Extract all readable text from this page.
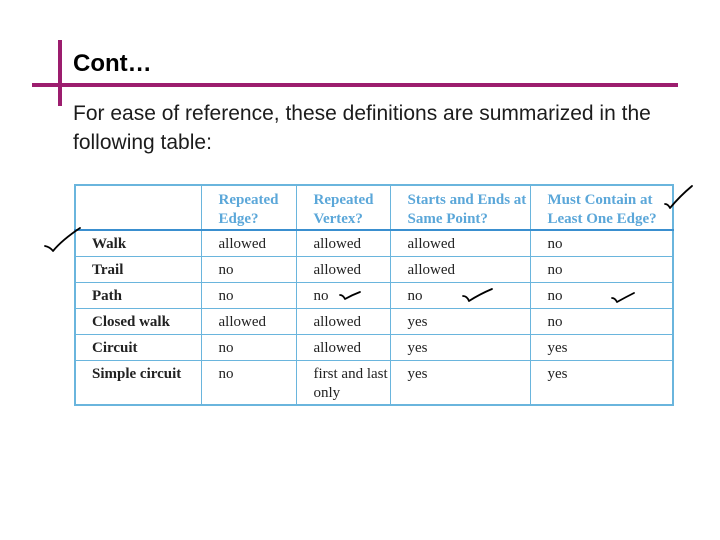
Cont…
For ease of reference, these definitions are summarized in the following table:
	Repeated Edge?	Repeated Vertex?	Starts and Ends at Same Point?	Must Contain at Least One Edge?
Walk	allowed	allowed	allowed	no
Trail	no	allowed	allowed	no
Path	no	no	no	no
Closed walk	allowed	allowed	yes	no
Circuit	no	allowed	yes	yes
Simple circuit	no	first and last only	yes	yes
